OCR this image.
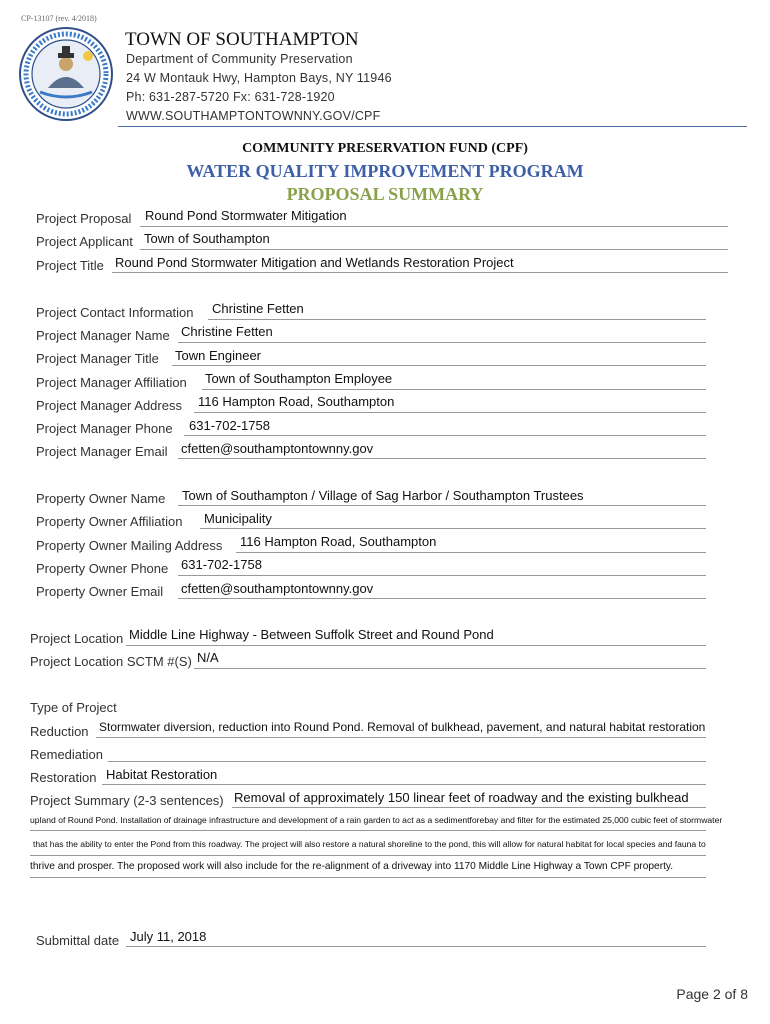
CP-13107 (rev. 4/2018)
TOWN OF SOUTHAMPTON
Department of Community Preservation
24 W Montauk Hwy, Hampton Bays, NY 11946
Ph: 631-287-5720 Fx: 631-728-1920
WWW.SOUTHAMPTONTOWNNY.GOV/CPF
COMMUNITY PRESERVATION FUND (CPF)
WATER QUALITY IMPROVEMENT PROGRAM
PROPOSAL SUMMARY
Project Proposal Round Pond Stormwater Mitigation
Project Applicant Town of Southampton
Project Title Round Pond Stormwater Mitigation and Wetlands Restoration Project
Project Contact Information Christine Fetten
Project Manager Name Christine Fetten
Project Manager Title Town Engineer
Project Manager Affiliation Town of Southampton Employee
Project Manager Address 116 Hampton Road, Southampton
Project Manager Phone 631-702-1758
Project Manager Email cfetten@southamptontownny.gov
Property Owner Name Town of Southampton / Village of Sag Harbor / Southampton Trustees
Property Owner Affiliation Municipality
Property Owner Mailing Address 116 Hampton Road, Southampton
Property Owner Phone 631-702-1758
Property Owner Email cfetten@southamptontownny.gov
Project Location Middle Line Highway - Between Suffolk Street and Round Pond
Project Location SCTM #(S) N/A
Type of Project
Reduction Stormwater diversion, reduction into Round Pond. Removal of bulkhead, pavement, and natural habitat restoration
Remediation
Restoration Habitat Restoration
Project Summary (2-3 sentences) Removal of approximately 150 linear feet of roadway and the existing bulkhead
upland of Round Pond. Installation of drainage infrastructure and development of a rain garden to act as a sedimentforebay and filter for the estimated 25,000 cubic feet of stormwater
that has the ability to enter the Pond from this roadway. The project will also restore a natural shoreline to the pond, this will allow for natural habitat for local species and fauna to
thrive and prosper. The proposed work will also include for the re-alignment of a driveway into 1170 Middle Line Highway a Town CPF property.
Submittal date July 11, 2018
Page 2 of 8
